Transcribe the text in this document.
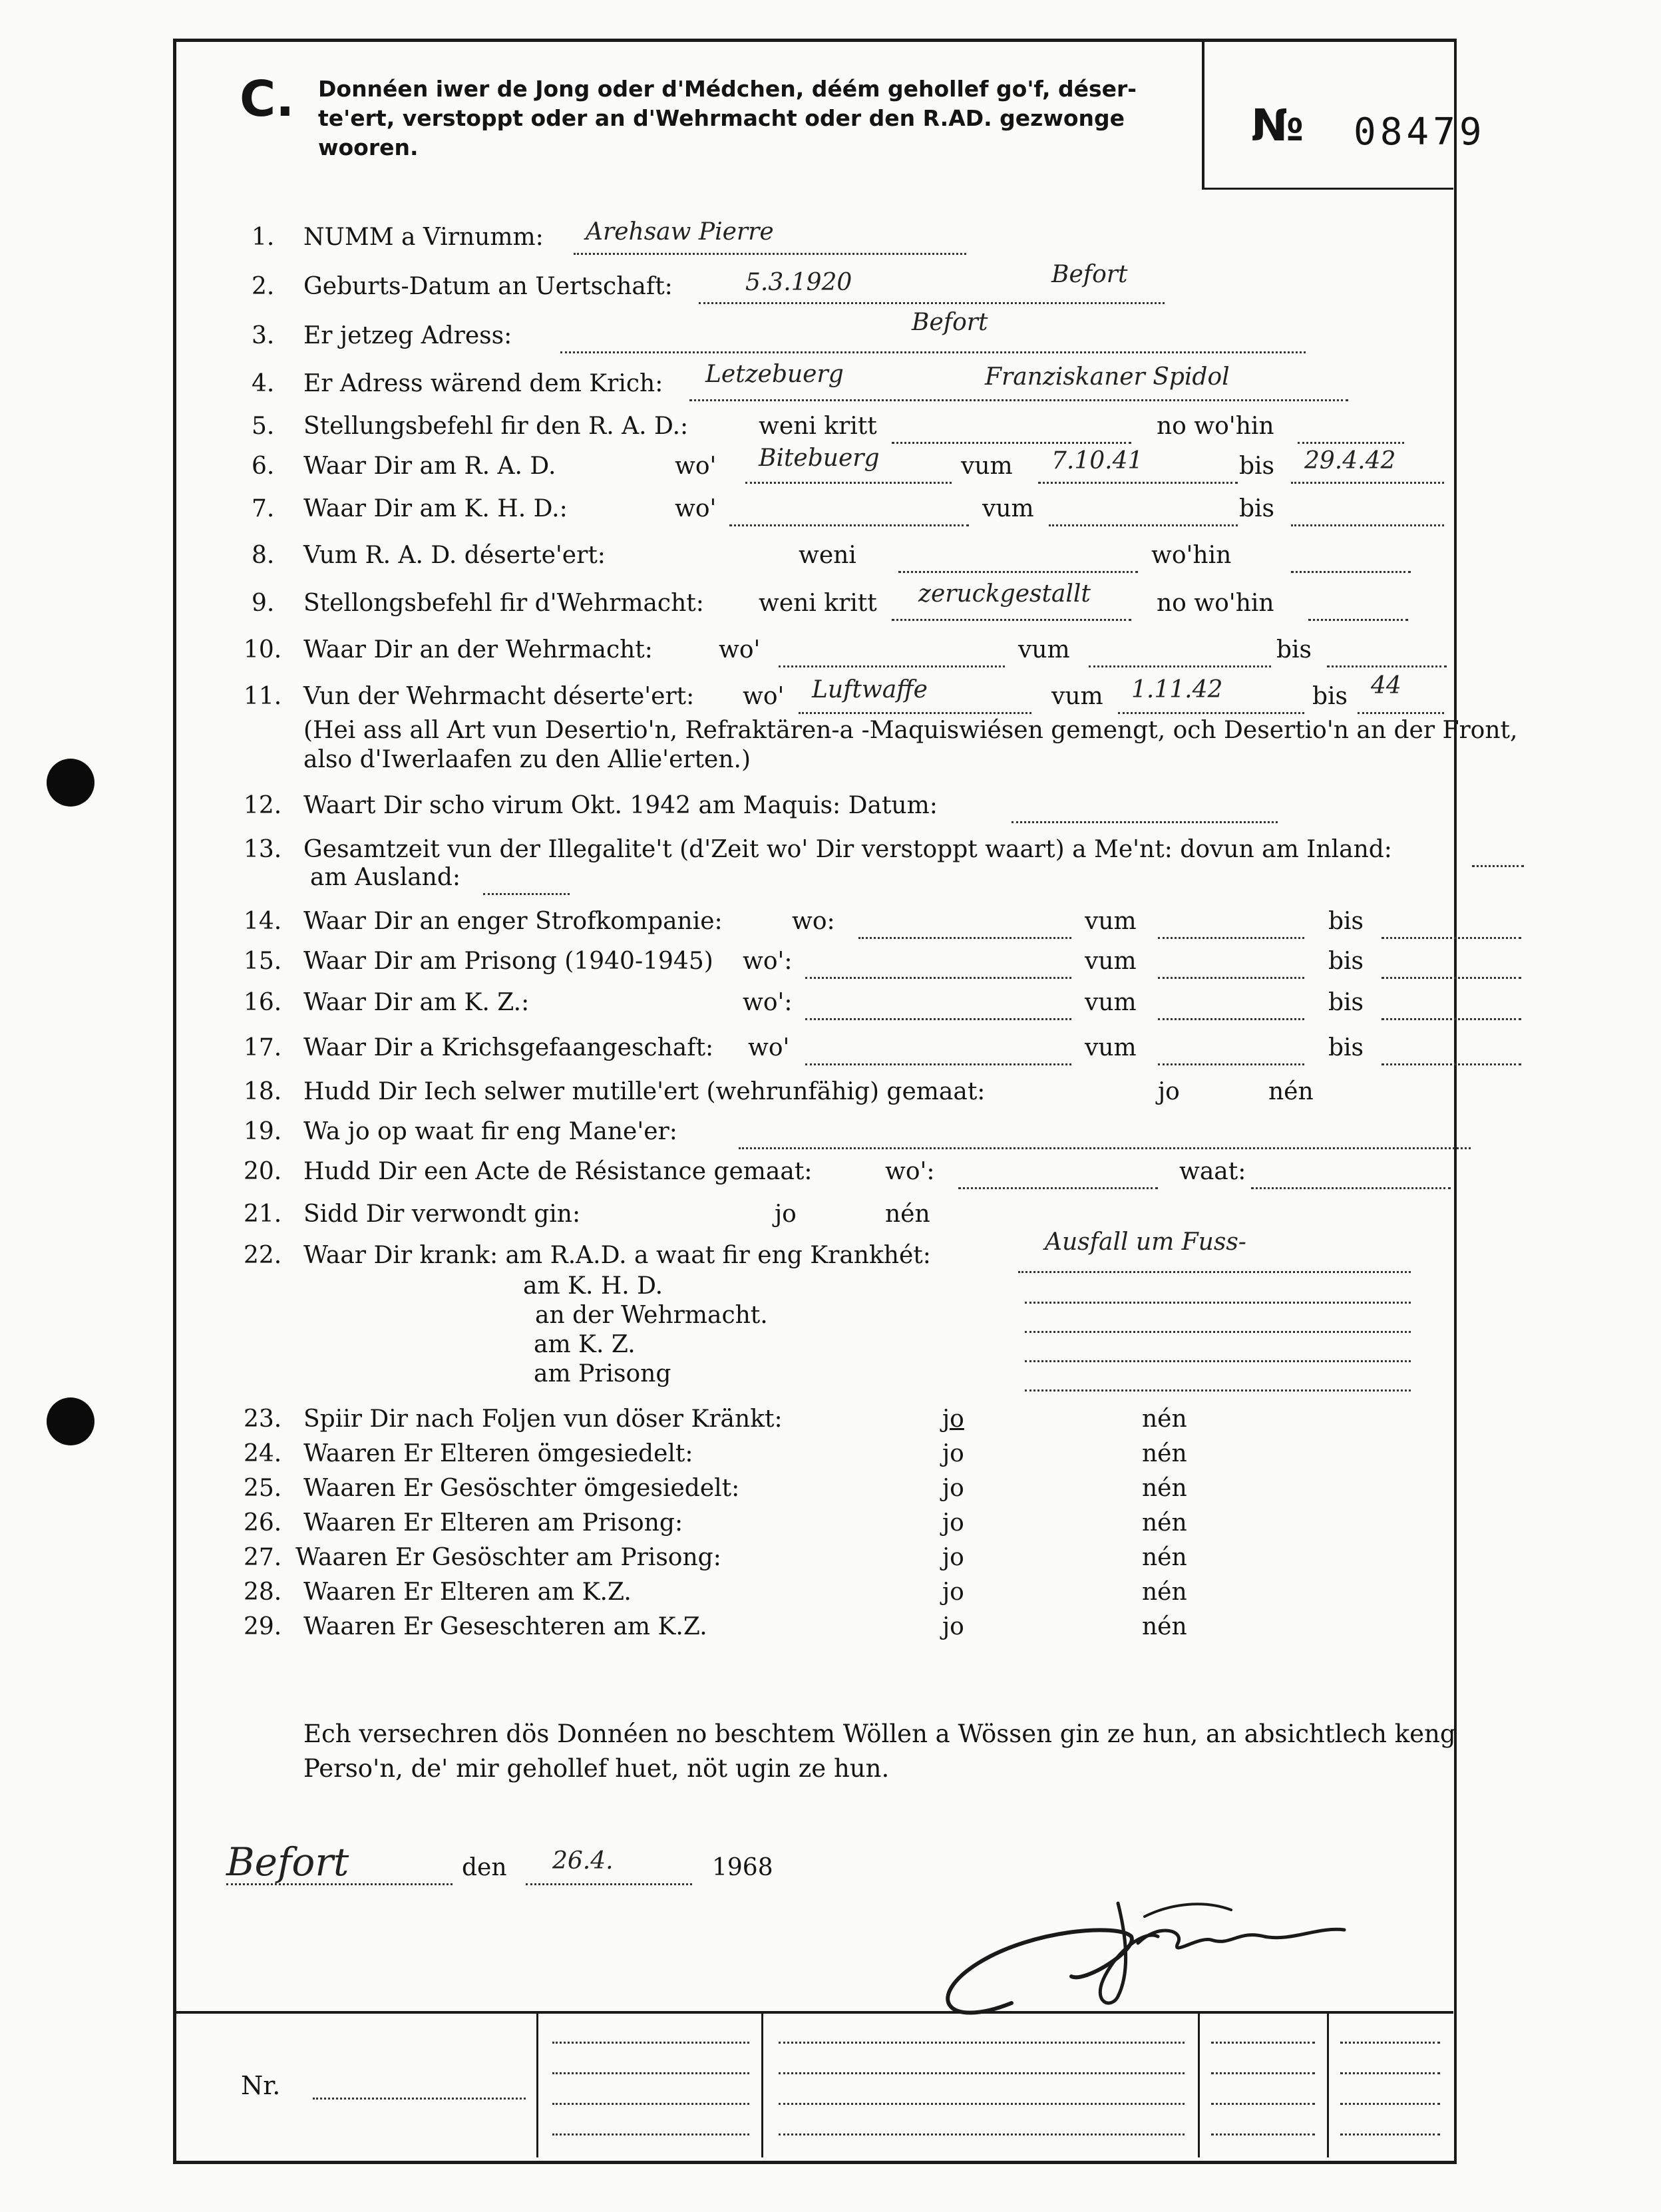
C. Donnéen iwer de Jong oder d'Médchen, déém gehollef go'f, déser-te'ert, verstoppt oder an d'Wehrmacht oder den R.AD. gezwonge wooren.	№ 08479
1. NUMM a Virnumm: Arehsaw Pierre
2. Geburts-Datum an Uertschaft:	5.3.1920	Befort
3. Er jetzeg Adress:	Befort
4. Er Adress wärend dem Krich: Letzebuerg	Franziskaner Spidol
5. Stellungsbefehl fir den R. A. D.:	weni kritt	no wo'hin
6. Waar Dir am R. A. D.	wo' Bitebuerg	vum 7.10.41	bis 29.4.42
7. Waar Dir am K. H. D.:	wo'	vum	bis
8. Vum R. A. D. déserte'ert:	weni	wo'hin
9. Stellongsbefehl fir d'Wehrmacht: weni kritt zeruckgestallt	no wo'hin
10. Waar Dir an der Wehrmacht:	wo'	vum	bis
11. Vun der Wehrmacht déserte'ert: wo' Luftwaffe	vum 1.11.42	bis 44
(Hei ass all Art vun Desertio'n, Refraktären-a -Maquiswiésen gemengt, och Desertio'n an der Front, also d'Iwerlaafen zu den Allie'erten.)
12. Waart Dir scho virum Okt. 1942 am Maquis: Datum:
13. Gesamtzeit vun der Illegalite't (d'Zeit wo' Dir verstoppt waart) a Me'nt: dovun am Inland:
am Ausland:
14. Waar Dir an enger Strofkompanie:	wo:	vum	bis
15. Waar Dir am Prisong (1940-1945) wo':	vum	bis
16. Waar Dir am K. Z.:	wo':	vum	bis
17. Waar Dir a Krichsgefaangeschaft: wo'	vum	bis
18. Hudd Dir Iech selwer mutille'ert (wehrunfähig) gemaat:	jo	nén
19. Wa jo op waat fir eng Mane'er:
20. Hudd Dir een Acte de Résistance gemaat:	wo':	waat:
21. Sidd Dir verwondt gin:	jo	nén
22. Waar Dir krank: am R.A.D. a waat fir eng Krankhét:	Ausfall um Fuss-
am K. H. D.
an der Wehrmacht.
am K. Z.
am Prisong
23. Spiir Dir nach Foljen vun döser Kränkt:	jo	nén
24. Waaren Er Elteren ömgesiedelt:	jo	nén
25. Waaren Er Gesöschter ömgesiedelt:	jo	nén
26. Waaren Er Elteren am Prisong:	jo	nén
27. Waaren Er Gesöschter am Prisong:	jo	nén
28. Waaren Er Elteren am K.Z.	jo	nén
29. Waaren Er Geseschteren am K.Z.	jo	nén
Ech versechren dös Donnéen no beschtem Wöllen a Wössen gin ze hun, an absichtlech keng Perso'n, de' mir gehollef huet, nöt ugin ze hun.
Befort	den 26.4.	1968
Nr.
